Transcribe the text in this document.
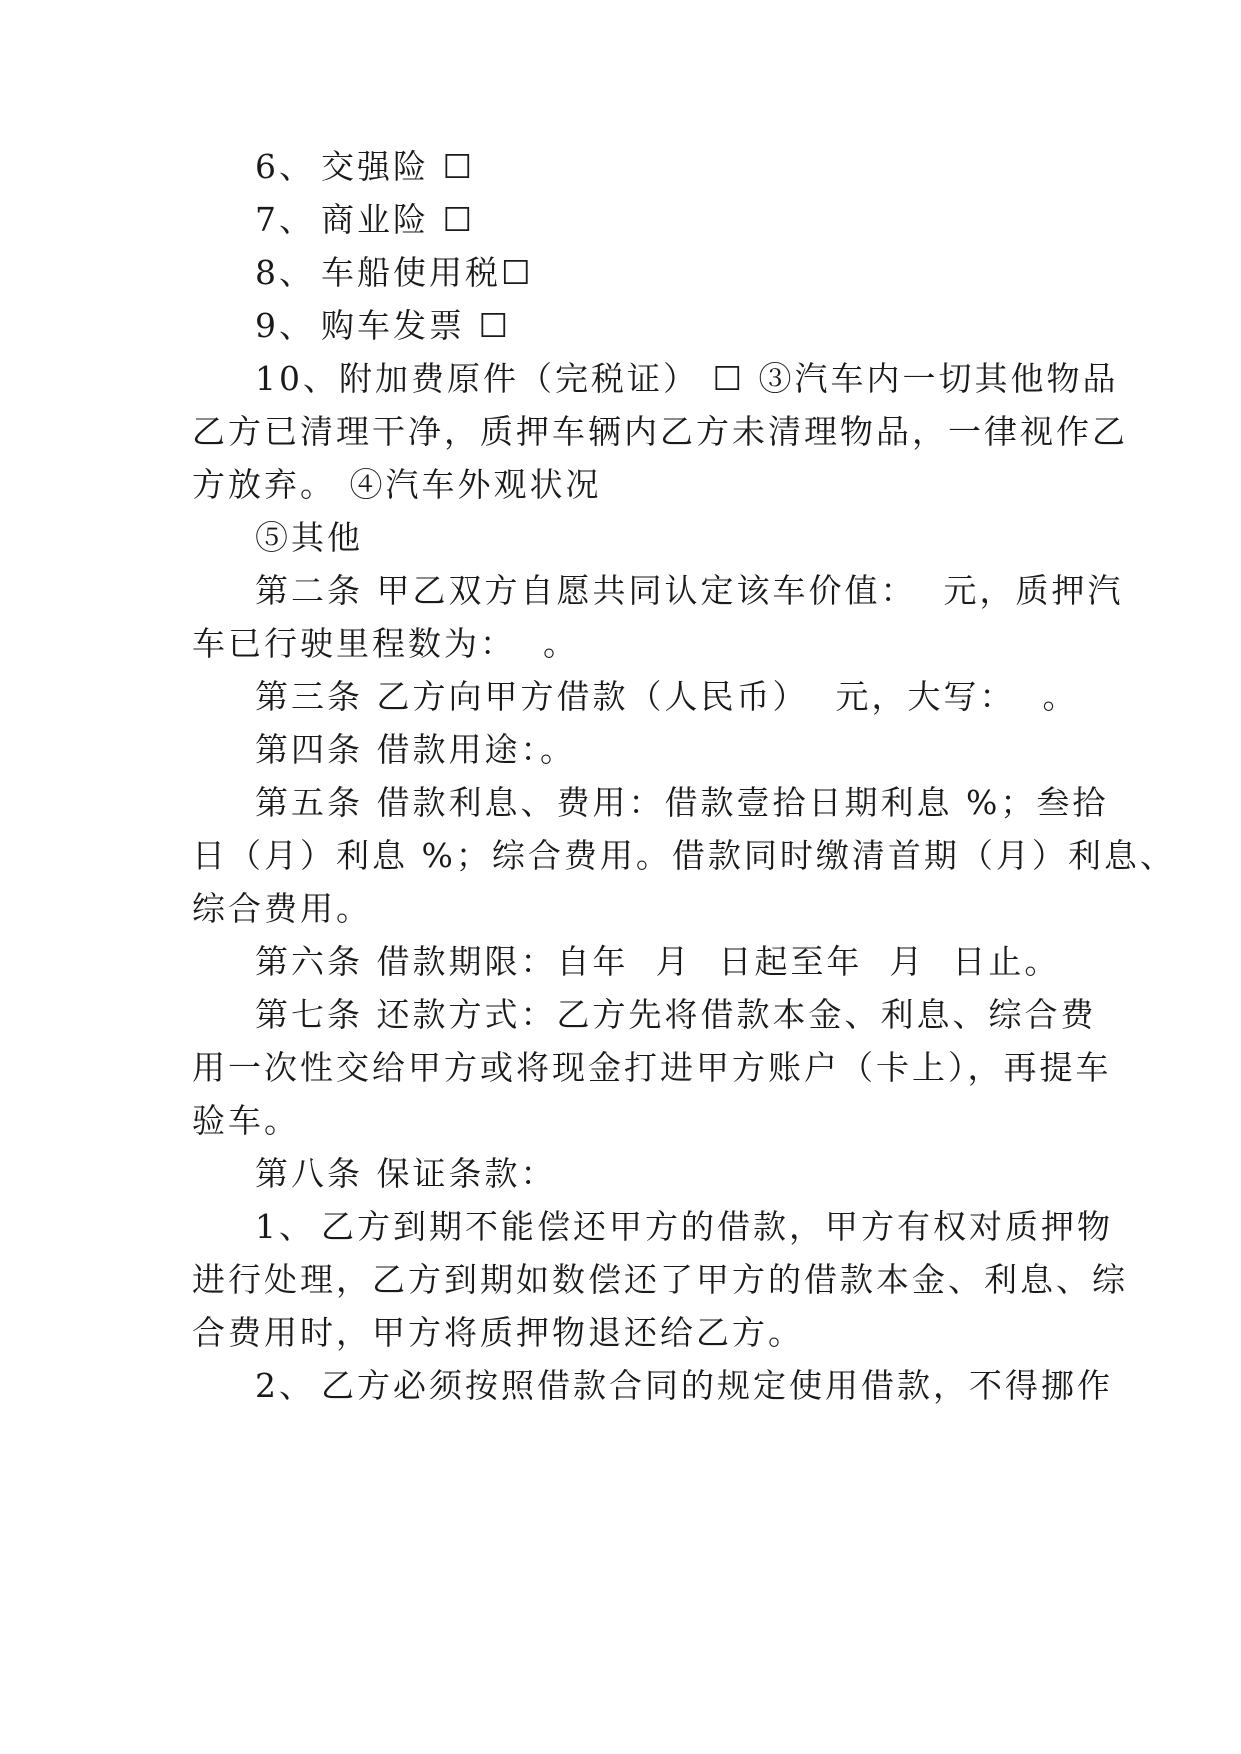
6、 交强险 ☐
7、 商业险 ☐
8、 车船使用税☐
9、 购车发票 ☐
10、附加费原件（完税证） ☐ ③汽车内一切其他物品
乙方已清理干净，质押车辆内乙方未清理物品，一律视作乙
方放弃。 ④汽车外观状况
⑤其他
第二条 甲乙双方自愿共同认定该车价值：  元，质押汽
车已行驶里程数为：  。
第三条 乙方向甲方借款（人民币）  元，大写：  。
第四条 借款用途：。
第五条 借款利息、费用：借款壹拾日期利息 %；叁拾
日（月）利息 %；综合费用。借款同时缴清首期（月）利息、
综合费用。
第六条 借款期限：自年  月  日起至年  月  日止。
第七条 还款方式：乙方先将借款本金、利息、综合费
用一次性交给甲方或将现金打进甲方账户（卡上），再提车
验车。
第八条 保证条款：
1、 乙方到期不能偿还甲方的借款，甲方有权对质押物
进行处理，乙方到期如数偿还了甲方的借款本金、利息、综
合费用时，甲方将质押物退还给乙方。
2、 乙方必须按照借款合同的规定使用借款，不得挪作
